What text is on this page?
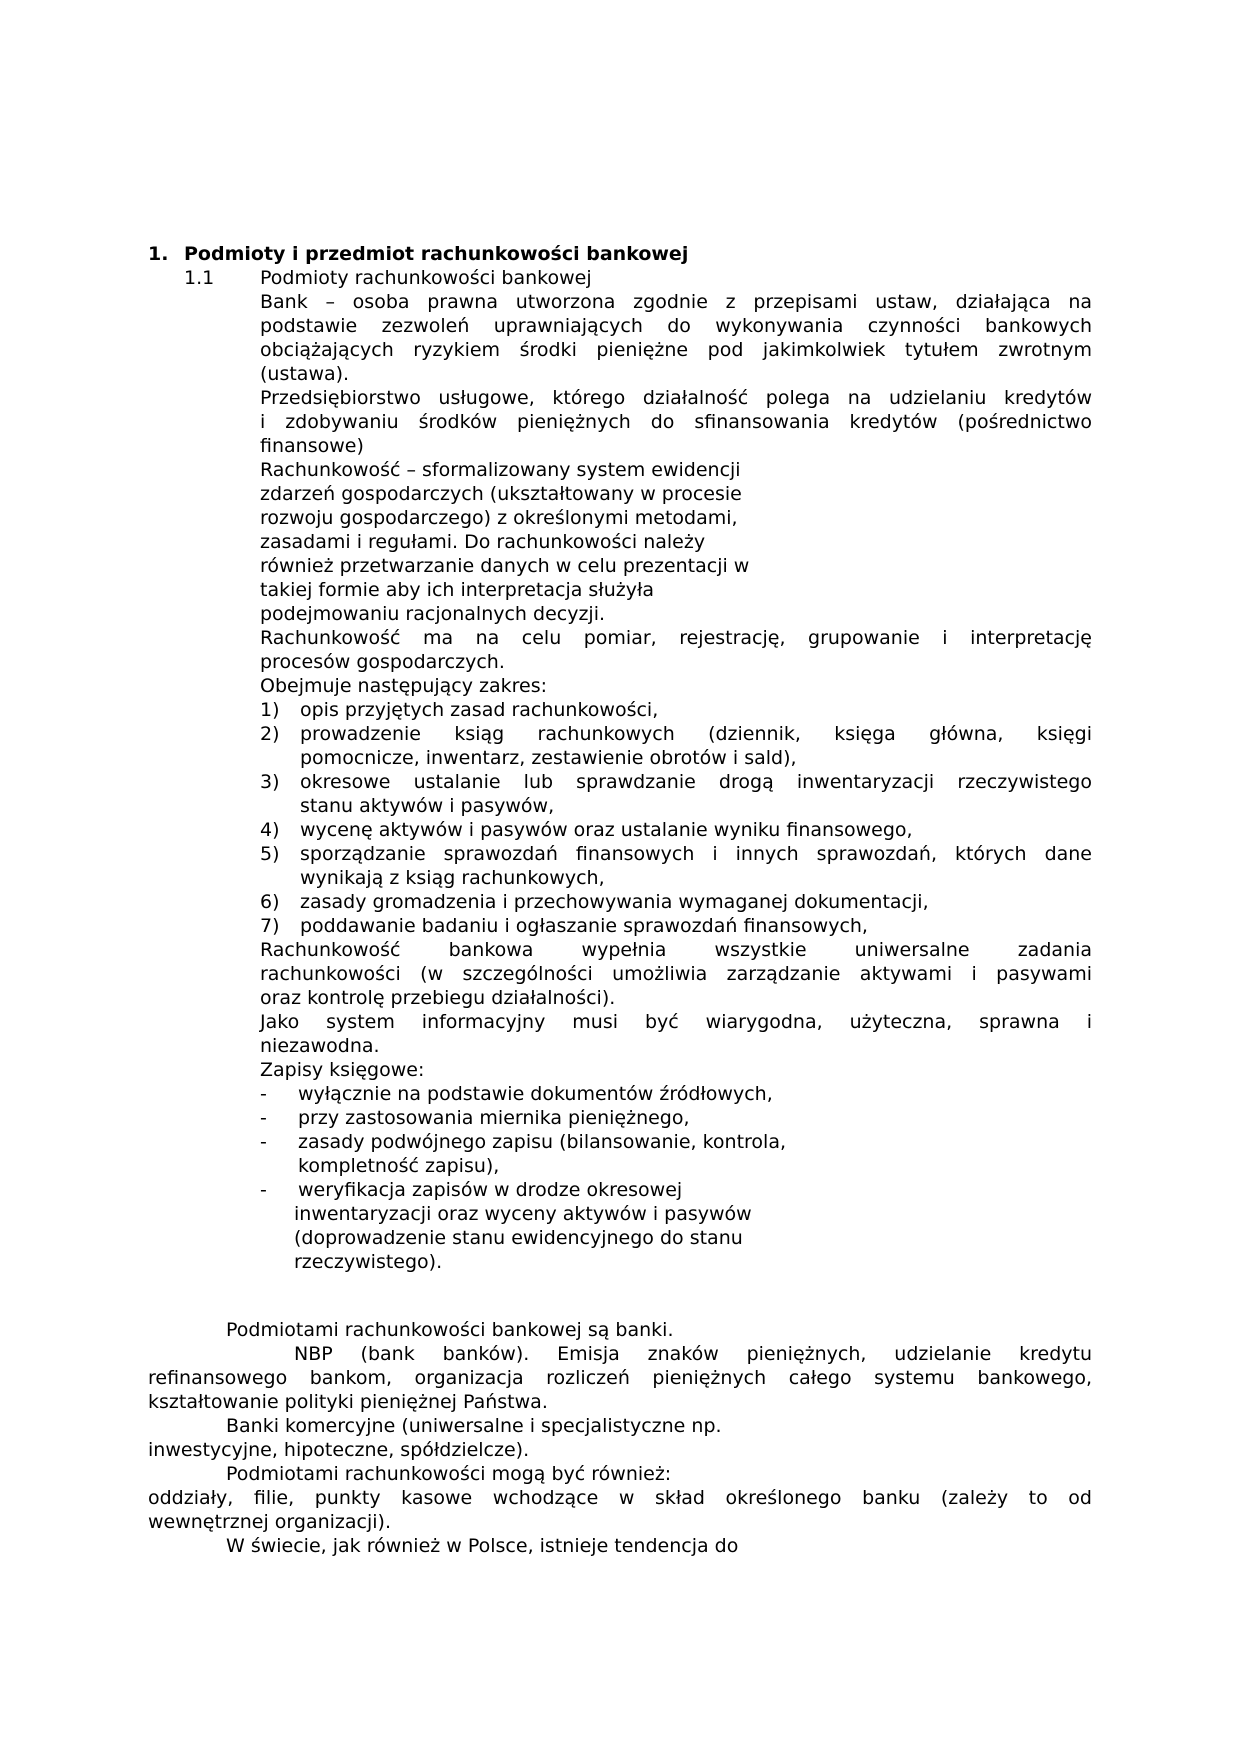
1. Podmioty i przedmiot rachunkowości bankowej
1.1 Podmioty rachunkowości bankowej
Bank – osoba prawna utworzona zgodnie z przepisami ustaw, działająca na
podstawie zezwoleń uprawniających do wykonywania czynności bankowych
obciążających ryzykiem środki pieniężne pod jakimkolwiek tytułem zwrotnym
(ustawa).
Przedsiębiorstwo usługowe, którego działalność polega na udzielaniu kredytów
i zdobywaniu środków pieniężnych do sfinansowania kredytów (pośrednictwo
finansowe)
Rachunkowość – sformalizowany system ewidencji
zdarzeń gospodarczych (ukształtowany w procesie
rozwoju gospodarczego) z określonymi metodami,
zasadami i regułami. Do rachunkowości należy
również przetwarzanie danych w celu prezentacji w
takiej formie aby ich interpretacja służyła
podejmowaniu racjonalnych decyzji.
Rachunkowość ma na celu pomiar, rejestrację, grupowanie i interpretację
procesów gospodarczych.
Obejmuje następujący zakres:
1) opis przyjętych zasad rachunkowości,
2) prowadzenie ksiąg rachunkowych (dziennik, księga główna, księgi
pomocnicze, inwentarz, zestawienie obrotów i sald),
3) okresowe ustalanie lub sprawdzanie drogą inwentaryzacji rzeczywistego
stanu aktywów i pasywów,
4) wycenę aktywów i pasywów oraz ustalanie wyniku finansowego,
5) sporządzanie sprawozdań finansowych i innych sprawozdań, których dane
wynikają z ksiąg rachunkowych,
6) zasady gromadzenia i przechowywania wymaganej dokumentacji,
7) poddawanie badaniu i ogłaszanie sprawozdań finansowych,
Rachunkowość bankowa wypełnia wszystkie uniwersalne zadania
rachunkowości (w szczególności umożliwia zarządzanie aktywami i pasywami
oraz kontrolę przebiegu działalności).
Jako system informacyjny musi być wiarygodna, użyteczna, sprawna i
niezawodna.
Zapisy księgowe:
- wyłącznie na podstawie dokumentów źródłowych,
- przy zastosowania miernika pieniężnego,
- zasady podwójnego zapisu (bilansowanie, kontrola,
kompletność zapisu),
- weryfikacja zapisów w drodze okresowej
inwentaryzacji oraz wyceny aktywów i pasywów
(doprowadzenie stanu ewidencyjnego do stanu
rzeczywistego).
Podmiotami rachunkowości bankowej są banki.
NBP (bank banków). Emisja znaków pieniężnych, udzielanie kredytu
refinansowego bankom, organizacja rozliczeń pieniężnych całego systemu bankowego,
kształtowanie polityki pieniężnej Państwa.
Banki komercyjne (uniwersalne i specjalistyczne np.
inwestycyjne, hipoteczne, spółdzielcze).
Podmiotami rachunkowości mogą być również:
oddziały, filie, punkty kasowe wchodzące w skład określonego banku (zależy to od
wewnętrznej organizacji).
W świecie, jak również w Polsce, istnieje tendencja do
